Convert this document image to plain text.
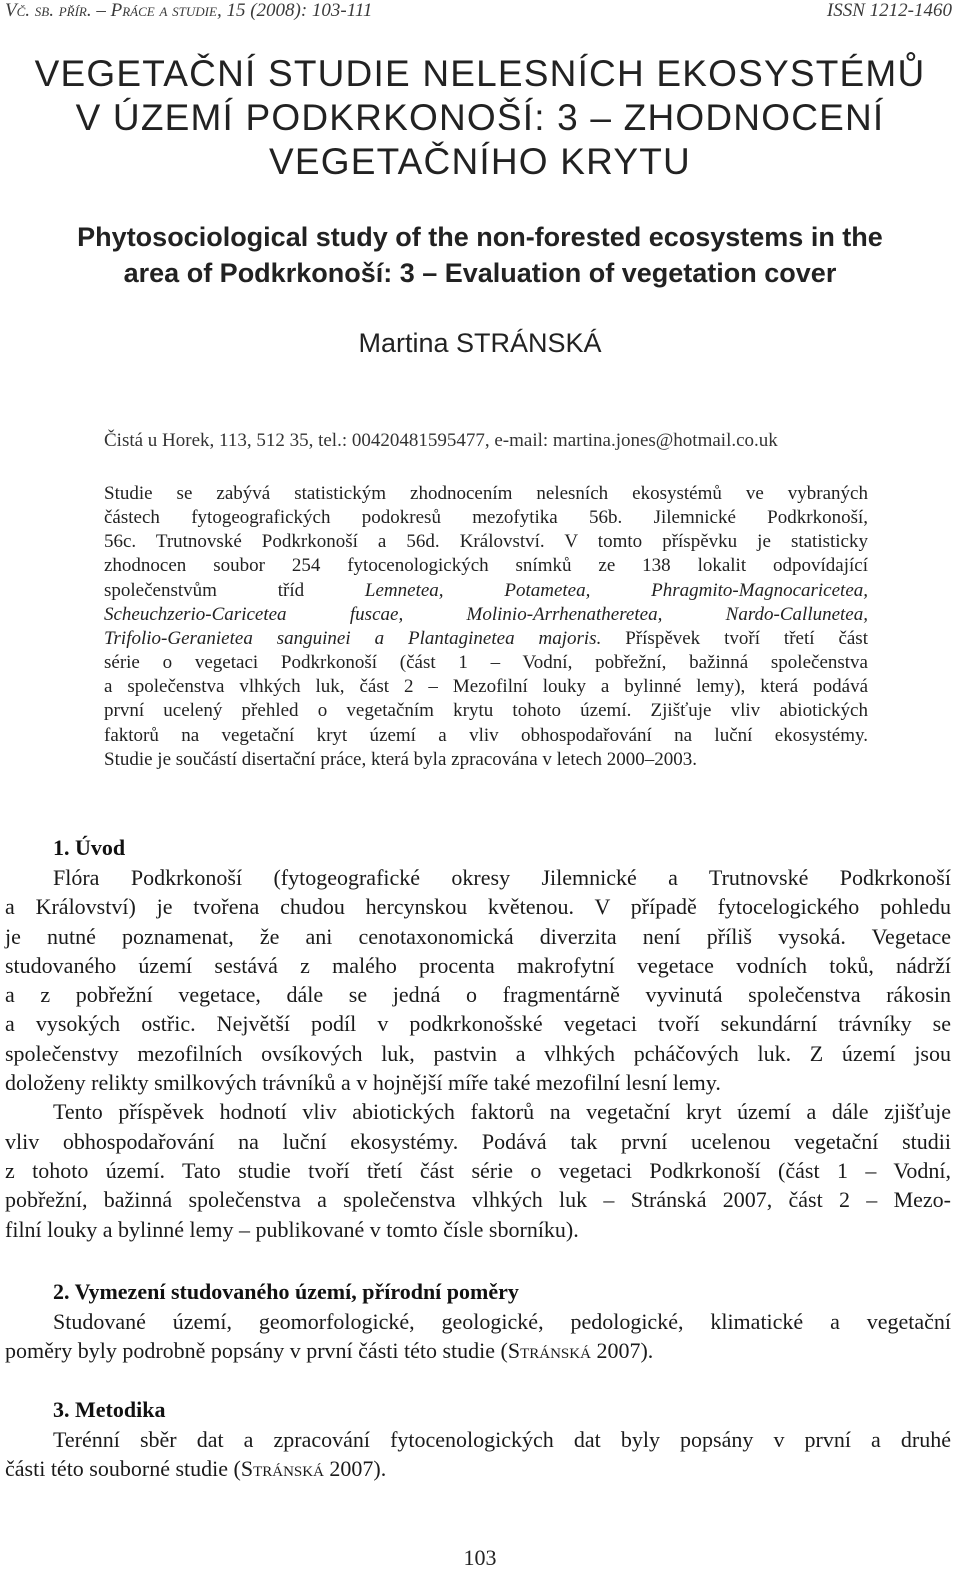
Vč. sb. přír. – Práce a studie, 15 (2008): 103-111	ISSN 1212-1460
VEGETAČNÍ STUDIE NELESNÍCH EKOSYSTÉMŮ
V ÚZEMÍ PODKRKONOŠÍ: 3 – ZHODNOCENÍ
VEGETAČNÍHO KRYTU
Phytosociological study of the non-forested ecosystems in the
area of Podkrkonoší: 3 – Evaluation of vegetation cover
Martina STRÁNSKÁ
Čistá u Horek, 113, 512 35, tel.: 00420481595477, e-mail: martina.jones@hotmail.co.uk
Studie se zabývá statistickým zhodnocením nelesních ekosystémů ve vybraných
částech fytogeografických podokresů mezofytika 56b. Jilemnické Podkrkonoší,
56c. Trutnovské Podkrkonoší a 56d. Království. V tomto příspěvku je statisticky
zhodnocen soubor 254 fytocenologických snímků ze 138 lokalit odpovídající
společenstvům tříd Lemnetea, Potametea, Phragmito-Magnocaricetea,
Scheuchzerio-Caricetea fuscae, Molinio-Arrhenatheretea, Nardo-Callunetea,
Trifolio-Geranietea sanguinei a Plantaginetea majoris. Příspěvek tvoří třetí část
série o vegetaci Podkrkonoší (část 1 – Vodní, pobřežní, bažinná společenstva
a společenstva vlhkých luk, část 2 – Mezofilní louky a bylinné lemy), která podává
první ucelený přehled o vegetačním krytu tohoto území. Zjišťuje vliv abiotických
faktorů na vegetační kryt území a vliv obhospodařování na luční ekosystémy.
Studie je součástí disertační práce, která byla zpracována v letech 2000–2003.
1. Úvod
Flóra Podkrkonoší (fytogeografické okresy Jilemnické a Trutnovské Podkrkonoší
a Království) je tvořena chudou hercynskou květenou. V případě fytocelogického pohledu
je nutné poznamenat, že ani cenotaxonomická diverzita není příliš vysoká. Vegetace
studovaného území sestává z malého procenta makrofytní vegetace vodních toků, nádrží
a z pobřežní vegetace, dále se jedná o fragmentárně vyvinutá společenstva rákosin
a vysokých ostřic. Největší podíl v podkrkonošské vegetaci tvoří sekundární trávníky se
společenstvy mezofilních ovsíkových luk, pastvin a vlhkých pcháčových luk. Z území jsou
doloženy relikty smilkových trávníků a v hojnější míře také mezofilní lesní lemy.
Tento příspěvek hodnotí vliv abiotických faktorů na vegetační kryt území a dále zjišťuje
vliv obhospodařování na luční ekosystémy. Podává tak první ucelenou vegetační studii
z tohoto území. Tato studie tvoří třetí část série o vegetaci Podkrkonoší (část 1 – Vodní,
pobřežní, bažinná společenstva a společenstva vlhkých luk – Stránská 2007, část 2 – Mezo-
filní louky a bylinné lemy – publikované v tomto čísle sborníku).
2. Vymezení studovaného území, přírodní poměry
Studované území, geomorfologické, geologické, pedologické, klimatické a vegetační
poměry byly podrobně popsány v první části této studie (Stránská 2007).
3. Metodika
Terénní sběr dat a zpracování fytocenologických dat byly popsány v první a druhé
části této souborné studie (Stránská 2007).
103
